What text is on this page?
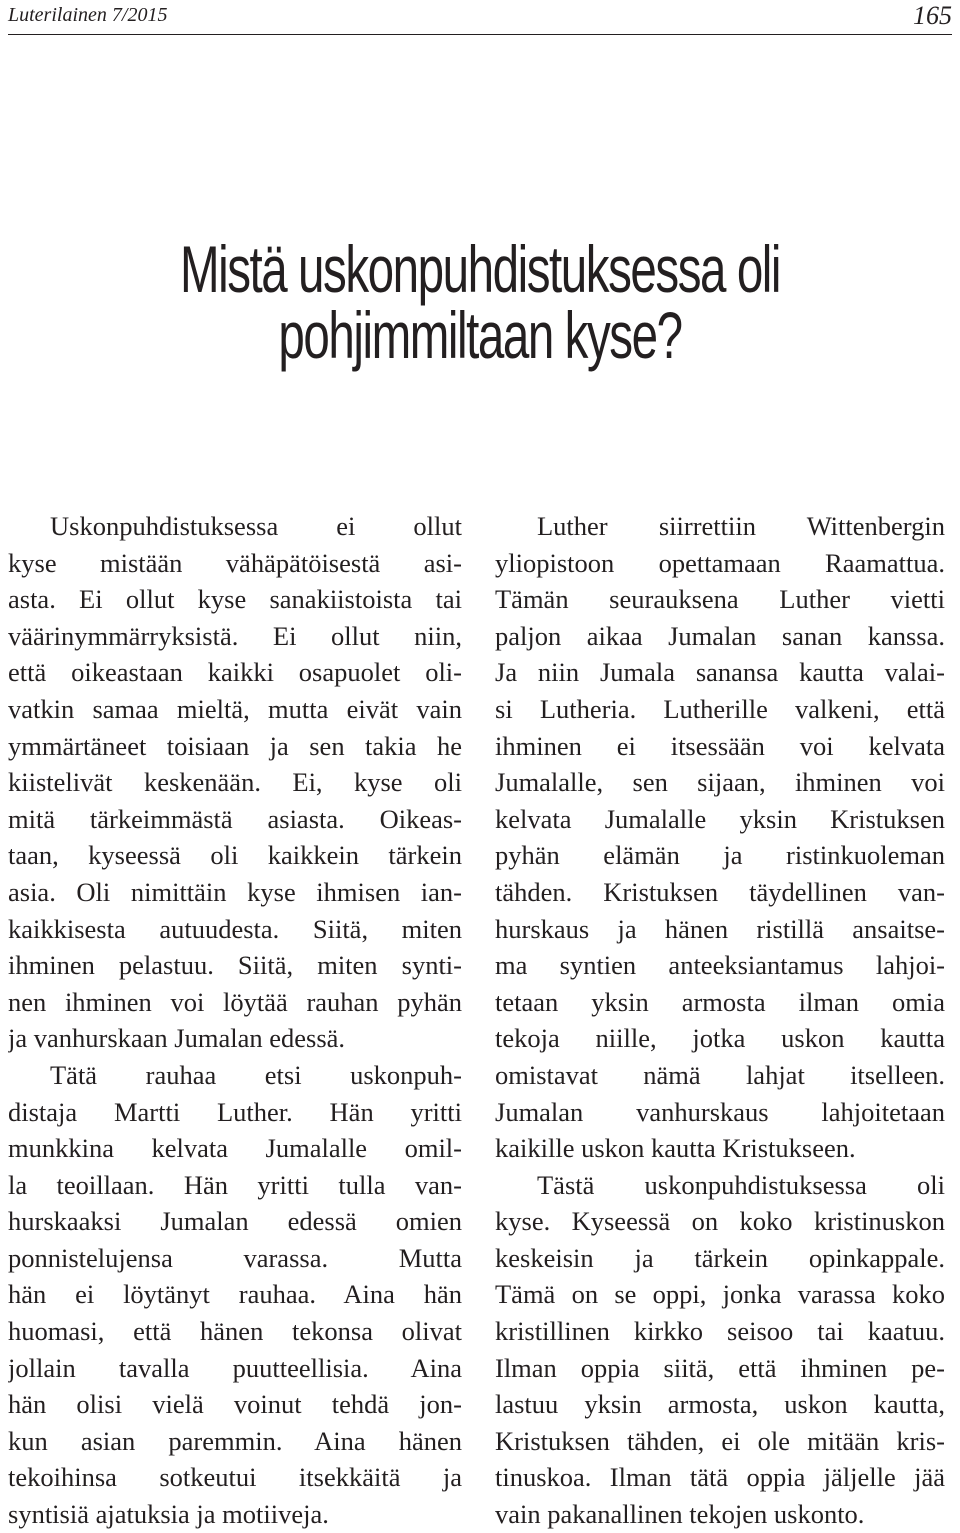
Luterilainen 7/2015	165
Mistä uskonpuhdistuksessa oli
pohjimmiltaan kyse?
Uskonpuhdistuksessa ei ollut
kyse mistään vähäpätöisestä asi-
asta. Ei ollut kyse sanakiistoista tai
väärinymmärryksistä. Ei ollut niin,
että oikeastaan kaikki osapuolet oli-
vatkin samaa mieltä, mutta eivät vain
ymmärtäneet toisiaan ja sen takia he
kiistelivät keskenään. Ei, kyse oli
mitä tärkeimmästä asiasta. Oikeas-
taan, kyseessä oli kaikkein tärkein
asia. Oli nimittäin kyse ihmisen ian-
kaikkisesta autuudesta. Siitä, miten
ihminen pelastuu. Siitä, miten synti-
nen ihminen voi löytää rauhan pyhän
ja vanhurskaan Jumalan edessä.
Tätä rauhaa etsi uskonpuh-
distaja Martti Luther. Hän yritti
munkkina kelvata Jumalalle omil-
la teoillaan. Hän yritti tulla van-
hurskaaksi Jumalan edessä omien
ponnistelujensa varassa. Mutta
hän ei löytänyt rauhaa. Aina hän
huomasi, että hänen tekonsa olivat
jollain tavalla puutteellisia. Aina
hän olisi vielä voinut tehdä jon-
kun asian paremmin. Aina hänen
tekoihinsa sotkeutui itsekkäitä ja
syntisiä ajatuksia ja motiiveja.
Luther siirrettiin Wittenbergin
yliopistoon opettamaan Raamattua.
Tämän seurauksena Luther vietti
paljon aikaa Jumalan sanan kanssa.
Ja niin Jumala sanansa kautta valai-
si Lutheria. Lutherille valkeni, että
ihminen ei itsessään voi kelvata
Jumalalle, sen sijaan, ihminen voi
kelvata Jumalalle yksin Kristuksen
pyhän elämän ja ristinkuoleman
tähden. Kristuksen täydellinen van-
hurskaus ja hänen ristillä ansaitse-
ma syntien anteeksiantamus lahjoi-
tetaan yksin armosta ilman omia
tekoja niille, jotka uskon kautta
omistavat nämä lahjat itselleen.
Jumalan vanhurskaus lahjoitetaan
kaikille uskon kautta Kristukseen.
Tästä uskonpuhdistuksessa oli
kyse. Kyseessä on koko kristinuskon
keskeisin ja tärkein opinkappale.
Tämä on se oppi, jonka varassa koko
kristillinen kirkko seisoo tai kaatuu.
Ilman oppia siitä, että ihminen pe-
lastuu yksin armosta, uskon kautta,
Kristuksen tähden, ei ole mitään kris-
tinuskoa. Ilman tätä oppia jäljelle jää
vain pakanallinen tekojen uskonto.
